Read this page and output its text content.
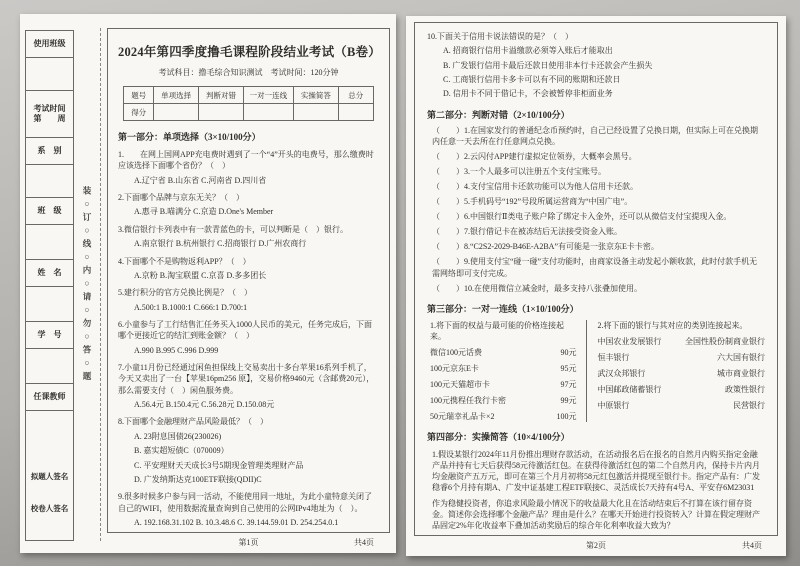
使用班级
考试时间
第　　周
系　别
班　级
姓　名
学　号
任课教师
拟题人签名
校卷人签名
装○订○线○内○请○勿○答○题
2024年第四季度撸毛课程阶段结业考试（B卷）
考试科目：撸毛综合知识测试　考试时间：120分钟
题号	单项选择	判断对错	一对一连线	实操简答	总分
得分					
第一部分：单项选择（3×10/100分）
1.　　在网上国网APP充电费时遇到了一个“4”开头的电费号，那么缴费时应该选择下面哪个省份？（　）
A.辽宁省 B.山东省 C.河南省 D.四川省
2.下面哪个品牌与京东无关？（　）
A.惠寻 B.喵满分 C.京造 D.One's Member
3.微信银行卡列表中有一款青蓝色的卡，可以判断是（　）银行。
A.南京银行 B.杭州银行 C.招商银行 D.广州农商行
4.下面哪个不是购物返利APP？（　）
A.京粉 B.淘宝联盟 C.京喜 D.多多团长
5.建行积分的官方兑换比例是？（　）
A.500:1 B.1000:1 C.666:1 D.700:1
6.小童参与了工行结售汇任务买入1000人民币的美元，任务完成后，下面哪个更接近它的结汇到账金额？（　）
A.990 B.995 C.996 D.999
7.小童11月份已经通过闲鱼担保线上交易卖出十多台苹果16系列手机了，今天又卖出了一台【苹果16pm256 原】，交易价格9460元（含邮费20元），那么需要支付（　）闲鱼服务费。
A.56.4元 B.150.4元 C.56.28元 D.150.08元
8.下面哪个金融理财产品风险最低？（　）
A. 23附息国债26(230026)
B. 嘉实超短债C（070009）
C. 平安理财天天成长3号5期现金管理类理财产品
D. 广发纳斯达克100ETF联接(QDII)C
9.很多时候多户参与同一活动，不能使用同一地址，为此小童特意关闭了自己的WIFI，使用数据流量查询到自己使用的公网IPv4地址为（　）。
A. 192.168.31.102 B. 10.3.48.6 C. 39.144.59.01 D. 254.254.0.1
第1页	共4页
10.下面关于信用卡说法错误的是？（　）
A. 招商银行信用卡溢缴款必须等入账后才能取出
B. 广发银行信用卡最后还款日使用非本行卡还款会产生损失
C. 工商银行信用卡多卡可以有不同的账期和还款日
D. 信用卡不同于借记卡，不会被暂停非柜面业务
第二部分：判断对错（2×10/100分）
（　　）1.在国家发行的普通纪念币预约时，自己已经设置了兑换日期，但实际上可在兑换期内任意一天去所在行任意网点兑换。
（　　）2.云闪付APP建行虚拟定位领券，大概率会黑号。
（　　）3.一个人最多可以注册五个支付宝账号。
（　　）4.支付宝信用卡还款功能可以为他人信用卡还款。
（　　）5.手机码号“192”号段所属运营商为“中国广电”。
（　　）6.中国银行Ⅱ类电子账户除了绑定卡入金外，还可以从微信支付宝提现入金。
（　　）7.银行借记卡在被冻结后无法接受资金入账。
（　　）8.“C2S2-2029-B46E-A2BA”有可能是一张京东E卡卡密。
（　　）9.使用支付宝“碰一碰”支付功能时，由商家设备主动发起小额收款，此时付款手机无需网络即可支付完成。
（　　）10.在使用微信立减金时，最多支持八张叠加使用。
第三部分：一对一连线（1×10/100分）
1.将下面的权益与最可能的价格连接起来。
微信100元话费	90元
100元京东E卡	95元
100元天猫超市卡	97元
100元携程任我行卡密	99元
50元瑞幸礼品卡×2	100元
2.将下面的银行与其对应的类别连接起来。
中国农业发展银行	全国性股份制商业银行
恒丰银行	六大国有银行
武汉众邦银行	城市商业银行
中国邮政储蓄银行	政策性银行
中原银行	民营银行
第四部分：实操简答（10×4/100分）
1.假设某银行2024年11月份推出理财存款活动，在活动报名后在报名的自然月内购买指定金融产品并持有七天后获得58元待激活红包。在获得待激活红包的第二个自然月内，保持卡片内月均金融资产五万元，即可在第三个月月初将58元红包激活并提现至银行卡。指定产品有：广发稳睿6个月持有期A、广发中证基建工程ETF联接C、灵活成长7天持有4号A、平安存6M23031
作为稳健投资者，你追求风险最小情况下的收益最大化且在活动结束后不打算在该行留存资金。简述你会选择哪个金融产品？理由是什么？在哪天开始进行投资转入？计算在假定理财产品固定2%年化收益率下叠加活动奖励后的综合年化利率收益大致为？
第2页	共4页
